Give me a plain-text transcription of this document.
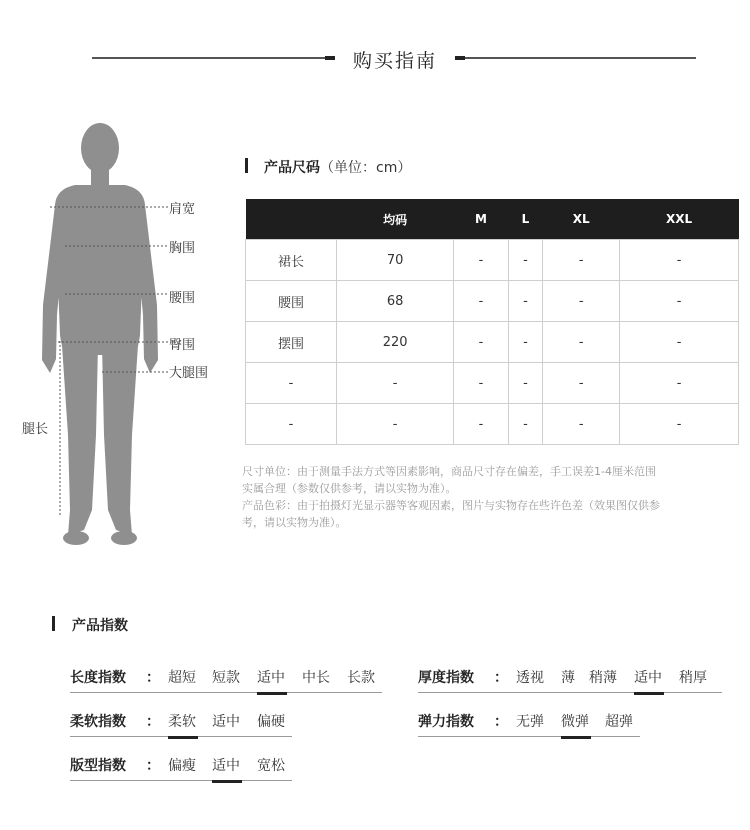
购买指南
肩宽
胸围
腰围
臀围
大腿围
腿长
产品尺码（单位：cm）
	均码	M	L	XL	XXL
裙长	70	-	-	-	-
腰围	68	-	-	-	-
摆围	220	-	-	-	-
-	-	-	-	-	-
-	-	-	-	-	-
尺寸单位：由于测量手法方式等因素影响，商品尺寸存在偏差，手工误差1-4厘米范围
实属合理（参数仅供参考，请以实物为准）。
产品色彩：由于拍摄灯光显示器等客观因素，图片与实物存在些许色差（效果图仅供参
考，请以实物为准）。
产品指数
长度指数 ： 超短 短款 适中 中长 长款	厚度指数 ： 透视 薄 稍薄 适中 稍厚
柔软指数 ： 柔软 适中 偏硬	弹力指数 ： 无弹 微弹 超弹
版型指数 ： 偏瘦 适中 宽松
